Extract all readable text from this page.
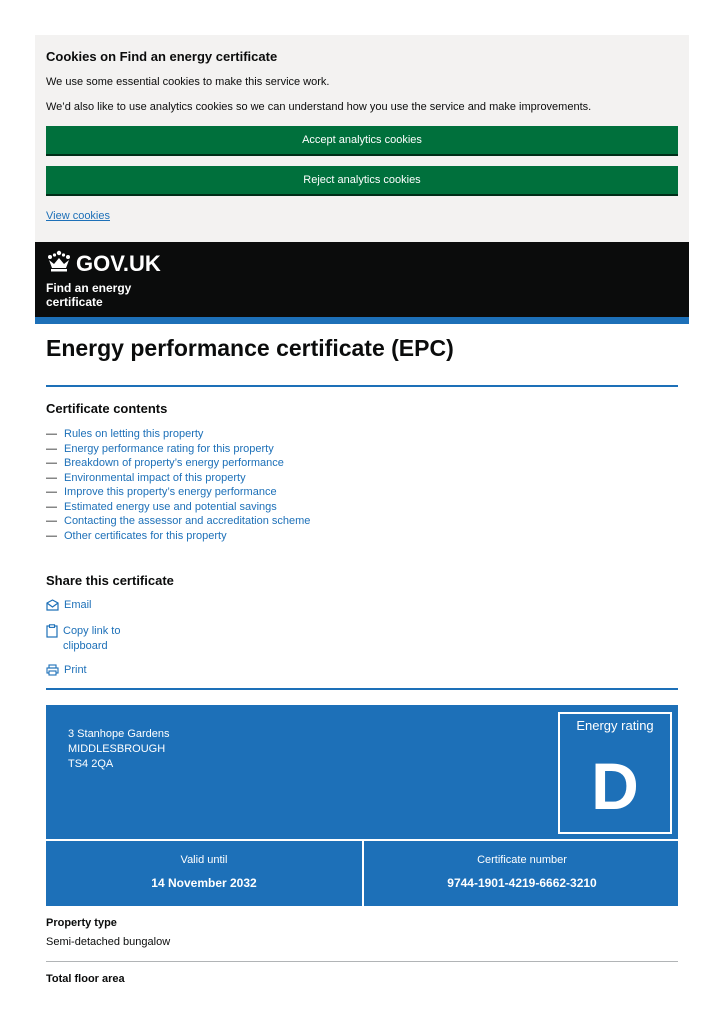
Cookies on Find an energy certificate
We use some essential cookies to make this service work.
We’d also like to use analytics cookies so we can understand how you use the service and make improvements.
Accept analytics cookies
Reject analytics cookies
View cookies
GOV.UK
Find an energy certificate
Energy performance certificate (EPC)
Certificate contents
— Rules on letting this property
— Energy performance rating for this property
— Breakdown of property’s energy performance
— Environmental impact of this property
— Improve this property’s energy performance
— Estimated energy use and potential savings
— Contacting the assessor and accreditation scheme
— Other certificates for this property
Share this certificate
Email
Copy link to clipboard
Print
3 Stanhope Gardens
MIDDLESBROUGH
TS4 2QA
Energy rating
D
Valid until
14 November 2032
Certificate number
9744-1901-4219-6662-3210
Property type
Semi-detached bungalow
Total floor area
